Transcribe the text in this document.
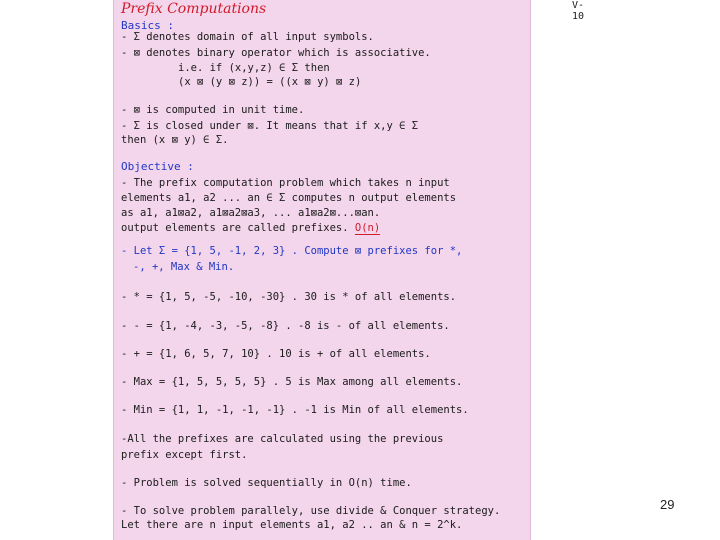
V-10
Prefix Computations
Basics :
- Σ denotes domain of all input symbols.
- ⊠ denotes binary operator which is associative.
i.e. if (x,y,z) ∈ Σ then
(x ⊠ (y ⊠ z)) = ((x ⊠ y) ⊠ z)
- ⊠ is computed in unit time.
- Σ is closed under ⊠. It means that if x,y ∈ Σ
then (x ⊠ y) ∈ Σ.
Objective :
- The prefix computation problem which takes n input
elements a1, a2 ... an ∈ Σ computes n output elements
as a1, a1⊠a2, a1⊠a2⊠a3, ... a1⊠a2⊠...⊠an.
output elements are called prefixes. O(n)
- Let Σ = {1, 5, -1, 2, 3} . Compute ⊠ prefixes for *,
-, +, Max & Min.
- * = {1, 5, -5, -10, -30} . 30 is * of all elements.
- - = {1, -4, -3, -5, -8} . -8 is - of all elements.
- + = {1, 6, 5, 7, 10} . 10 is + of all elements.
- Max = {1, 5, 5, 5, 5} . 5 is Max among all elements.
- Min = {1, 1, -1, -1, -1} . -1 is Min of all elements.
-All the prefixes are calculated using the previous
prefix except first.
- Problem is solved sequentially in O(n) time.
- To solve problem parallely, use divide & Conquer strategy.
Let there are n input elements a1, a2 .. an & n = 2^k.
29
